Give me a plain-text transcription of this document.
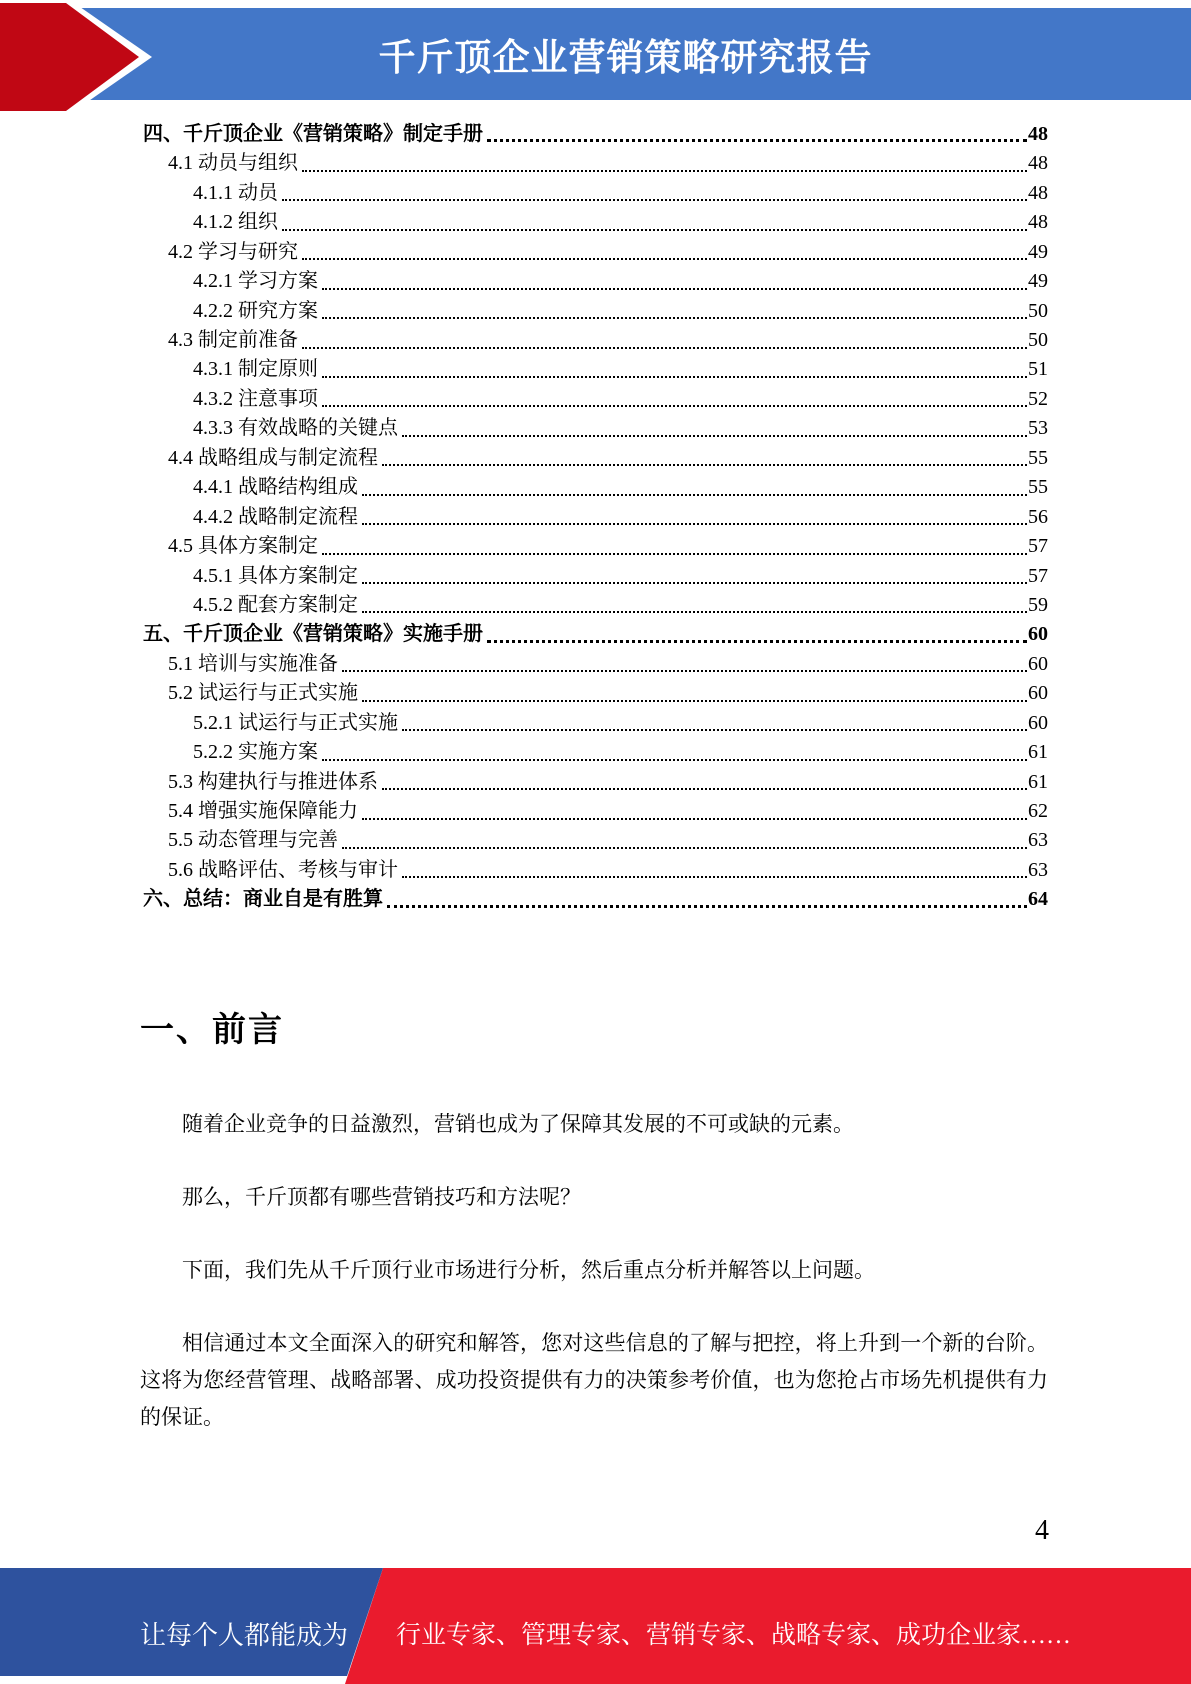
千斤顶企业营销策略研究报告
四、千斤顶企业《营销策略》制定手册	48
4.1 动员与组织	48
4.1.1 动员	48
4.1.2 组织	48
4.2 学习与研究	49
4.2.1 学习方案	49
4.2.2 研究方案	50
4.3 制定前准备	50
4.3.1 制定原则	51
4.3.2 注意事项	52
4.3.3 有效战略的关键点	53
4.4 战略组成与制定流程	55
4.4.1 战略结构组成	55
4.4.2 战略制定流程	56
4.5 具体方案制定	57
4.5.1 具体方案制定	57
4.5.2 配套方案制定	59
五、千斤顶企业《营销策略》实施手册	60
5.1 培训与实施准备	60
5.2 试运行与正式实施	60
5.2.1 试运行与正式实施	60
5.2.2 实施方案	61
5.3 构建执行与推进体系	61
5.4 增强实施保障能力	62
5.5 动态管理与完善	63
5.6 战略评估、考核与审计	63
六、总结：商业自是有胜算	64
一、前言

随着企业竞争的日益激烈，营销也成为了保障其发展的不可或缺的元素。

那么，千斤顶都有哪些营销技巧和方法呢？

下面，我们先从千斤顶行业市场进行分析，然后重点分析并解答以上问题。

相信通过本文全面深入的研究和解答，您对这些信息的了解与把控，将上升到一个新的台阶。这将为您经营管理、战略部署、成功投资提供有力的决策参考价值，也为您抢占市场先机提供有力的保证。

4
让每个人都能成为 行业专家、管理专家、营销专家、战略专家、成功企业家……
